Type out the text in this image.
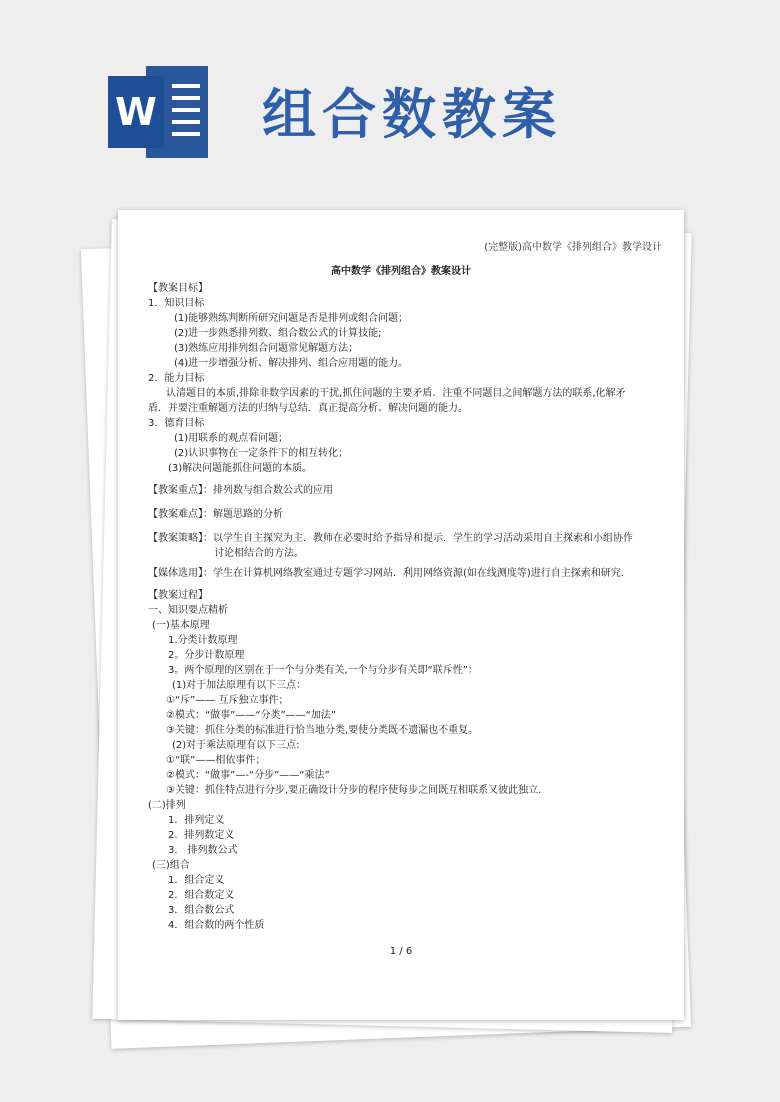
W 组合数教案
(完整版)高中数学《排列组合》教学设计
高中数学《排列组合》教案设计
【教案目标】
1．知识目标
(1)能够熟练判断所研究问题是否是排列或组合问题；
(2)进一步熟悉排列数、组合数公式的计算技能;
(3)熟练应用排列组合问题常见解题方法；
(4)进一步增强分析、解决排列、组合应用题的能力。
2．能力目标
认清题目的本质,排除非数学因素的干扰,抓住问题的主要矛盾．注重不同题目之间解题方法的联系,化解矛
盾．并要注重解题方法的归纳与总结．真正提高分析、解决问题的能力。
3．德育目标
(1)用联系的观点看问题；
(2)认识事物在一定条件下的相互转化；
(3)解决问题能抓住问题的本质。
【教案重点】：排列数与组合数公式的应用
【教案难点】：解题思路的分析
【教案策略】：以学生自主探究为主．教师在必要时给予指导和提示．学生的学习活动采用自主探索和小组协作
讨论相结合的方法。
【媒体选用】：学生在计算机网络教室通过专题学习网站．利用网络资源(如在线测度等)进行自主探索和研究.
【教案过程】
一、知识要点精析
(一)基本原理
1.分类计数原理
2。分步计数原理
3。两个原理的区别在于一个与分类有关,一个与分步有关即“联斥性”：
(1)对于加法原理有以下三点：
①“斥”—— 互斥独立事件；
②模式：“做事”——“分类”——“加法”
③关键：抓住分类的标准进行恰当地分类,要使分类既不遗漏也不重复。
(2)对于乘法原理有以下三点:
①“联”——相依事件；
②模式：“做事”—-“分步”——“乘法”
③关键：抓住特点进行分步,要正确设计分步的程序使每步之间既互相联系又彼此独立.
(二)排列
1．排列定义
2．排列数定义
3． 排列数公式
(三)组合
1．组合定义
2．组合数定义
3．组合数公式
4．组合数的两个性质
1 / 6
